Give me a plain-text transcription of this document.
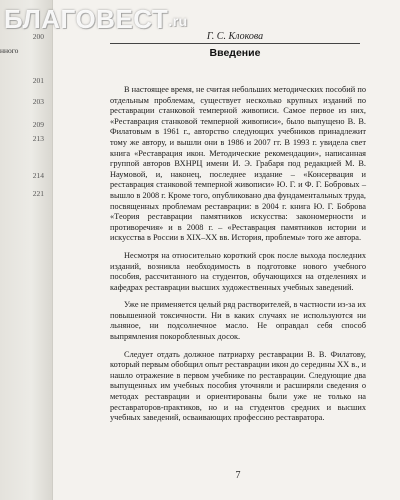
200
нного
201
203
209
213
214
221
БЛАГОВЕСТ.ru
Г. С. Клокова
Введение

В настоящее время, не считая небольших методических пособий по отдельным проблемам, существует несколько крупных изданий по реставрации станковой темперной живописи. Самое первое из них, «Реставрация станковой темперной живописи», было выпущено В. В. Филатовым в 1961 г., авторство следующих учебников принадлежит тому же автору, и вышли они в 1986 и 2007 гг. В 1993 г. увидела свет книга «Реставрация икон. Методические рекомендации», написанная группой авторов ВХНРЦ имени И. Э. Грабаря под редакцией М. В. Наумовой, и, наконец, последнее издание – «Консервация и реставрация станковой темперной живописи» Ю. Г. и Ф. Г. Бобровых – вышло в 2008 г. Кроме того, опубликовано два фундаментальных труда, посвященных проблемам реставрации: в 2004 г. книга Ю. Г. Боброва «Теория реставрации памятников искусства: закономерности и противоречия» и в 2008 г. – «Реставрация памятников истории и искусства в России в XIX–XX вв. История, проблемы» того же автора.

Несмотря на относительно короткий срок после выхода последних изданий, возникла необходимость в подготовке нового учебного пособия, рассчитанного на студентов, обучающихся на отделениях и кафедрах реставрации высших художественных учебных заведений.

Уже не применяется целый ряд растворителей, в частности из-за их повышенной токсичности. Ни в каких случаях не используются ни льняное, ни подсолнечное масло. Не оправдал себя способ выпрямления покоробленных досок.

Следует отдать должное патриарху реставрации В. В. Филатову, который первым обобщил опыт реставрации икон до середины XX в., и нашло отражение в первом учебнике по реставрации. Следующие два выпущенных им учебных пособия уточняли и расширяли сведения о методах реставрации и ориентированы были уже не только на реставраторов-практиков, но и на студентов средних и высших учебных заведений, осваивающих профессию реставратора.

7
